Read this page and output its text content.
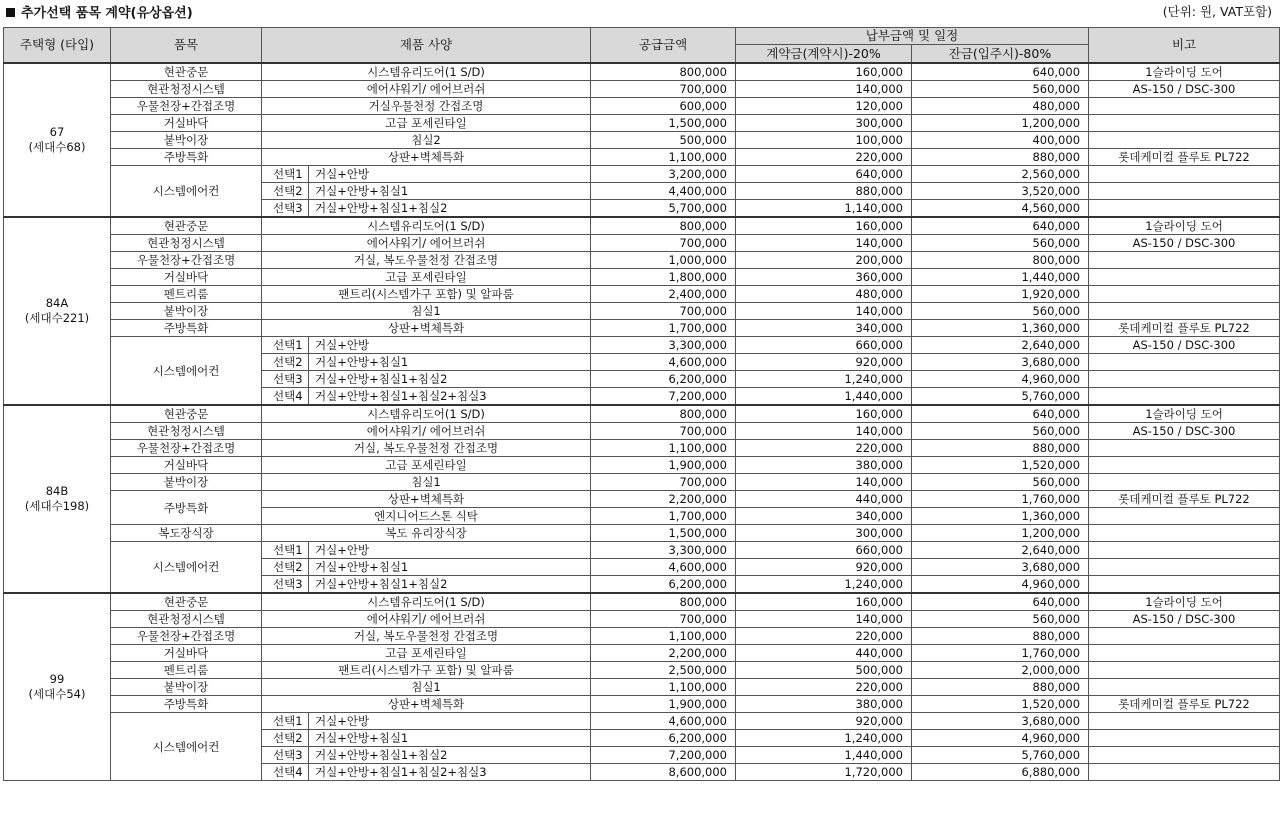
추가선택 품목 계약(유상옵션)	(단위: 원, VAT포함)
주택형 (타입)	품목	제품 사양		공급금액	납부금액 및 일정		비고
					계약금(계약시)-20%	잔금(입주시)-80%	

67
(세대수68)	현관중문	시스템유리도어(1 S/D)		800,000	160,000	640,000	1슬라이딩 도어
	현관청정시스템	에어샤워기/ 에어브러쉬		700,000	140,000	560,000	AS-150 / DSC-300
	우물천장+간접조명	거실우물천정 간접조명		600,000	120,000	480,000	
	거실바닥	고급 포세린타일		1,500,000	300,000	1,200,000	
	붙박이장	침실2		500,000	100,000	400,000	
	주방특화	상판+벽체특화		1,100,000	220,000	880,000	롯데케미컬 플루토 PL722
	시스템에어컨	선택1	거실+안방	3,200,000	640,000	2,560,000	
		선택2	거실+안방+침실1	4,400,000	880,000	3,520,000	
		선택3	거실+안방+침실1+침실2	5,700,000	1,140,000	4,560,000	

84A
(세대수221)	현관중문	시스템유리도어(1 S/D)		800,000	160,000	640,000	1슬라이딩 도어
	현관청정시스템	에어샤워기/ 에어브러쉬		700,000	140,000	560,000	AS-150 / DSC-300
	우물천장+간접조명	거실, 복도우물천정 간접조명		1,000,000	200,000	800,000	
	거실바닥	고급 포세린타일		1,800,000	360,000	1,440,000	
	펜트리룸	팬트리(시스템가구 포함) 및 알파룸		2,400,000	480,000	1,920,000	
	붙박이장	침실1		700,000	140,000	560,000	
	주방특화	상판+벽체특화		1,700,000	340,000	1,360,000	롯데케미컬 플루토 PL722
	시스템에어컨	선택1	거실+안방	3,300,000	660,000	2,640,000	AS-150 / DSC-300
		선택2	거실+안방+침실1	4,600,000	920,000	3,680,000	
		선택3	거실+안방+침실1+침실2	6,200,000	1,240,000	4,960,000	
		선택4	거실+안방+침실1+침실2+침실3	7,200,000	1,440,000	5,760,000	

84B
(세대수198)	현관중문	시스템유리도어(1 S/D)		800,000	160,000	640,000	1슬라이딩 도어
	현관청정시스템	에어샤워기/ 에어브러쉬		700,000	140,000	560,000	AS-150 / DSC-300
	우물천장+간접조명	거실, 복도우물천정 간접조명		1,100,000	220,000	880,000	
	거실바닥	고급 포세린타일		1,900,000	380,000	1,520,000	
	붙박이장	침실1		700,000	140,000	560,000	
	주방특화	상판+벽체특화		2,200,000	440,000	1,760,000	롯데케미컬 플루토 PL722
		엔지니어드스톤 식탁		1,700,000	340,000	1,360,000	
	복도장식장	복도 유리장식장		1,500,000	300,000	1,200,000	
	시스템에어컨	선택1	거실+안방	3,300,000	660,000	2,640,000	
		선택2	거실+안방+침실1	4,600,000	920,000	3,680,000	
		선택3	거실+안방+침실1+침실2	6,200,000	1,240,000	4,960,000	

99
(세대수54)	현관중문	시스템유리도어(1 S/D)		800,000	160,000	640,000	1슬라이딩 도어
	현관청정시스템	에어샤워기/ 에어브러쉬		700,000	140,000	560,000	AS-150 / DSC-300
	우물천장+간접조명	거실, 복도우물천정 간접조명		1,100,000	220,000	880,000	
	거실바닥	고급 포세린타일		2,200,000	440,000	1,760,000	
	펜트리룸	팬트리(시스템가구 포함) 및 알파룸		2,500,000	500,000	2,000,000	
	붙박이장	침실1		1,100,000	220,000	880,000	
	주방특화	상판+벽체특화		1,900,000	380,000	1,520,000	롯데케미컬 플루토 PL722
	시스템에어컨	선택1	거실+안방	4,600,000	920,000	3,680,000	
		선택2	거실+안방+침실1	6,200,000	1,240,000	4,960,000	
		선택3	거실+안방+침실1+침실2	7,200,000	1,440,000	5,760,000	
		선택4	거실+안방+침실1+침실2+침실3	8,600,000	1,720,000	6,880,000	
